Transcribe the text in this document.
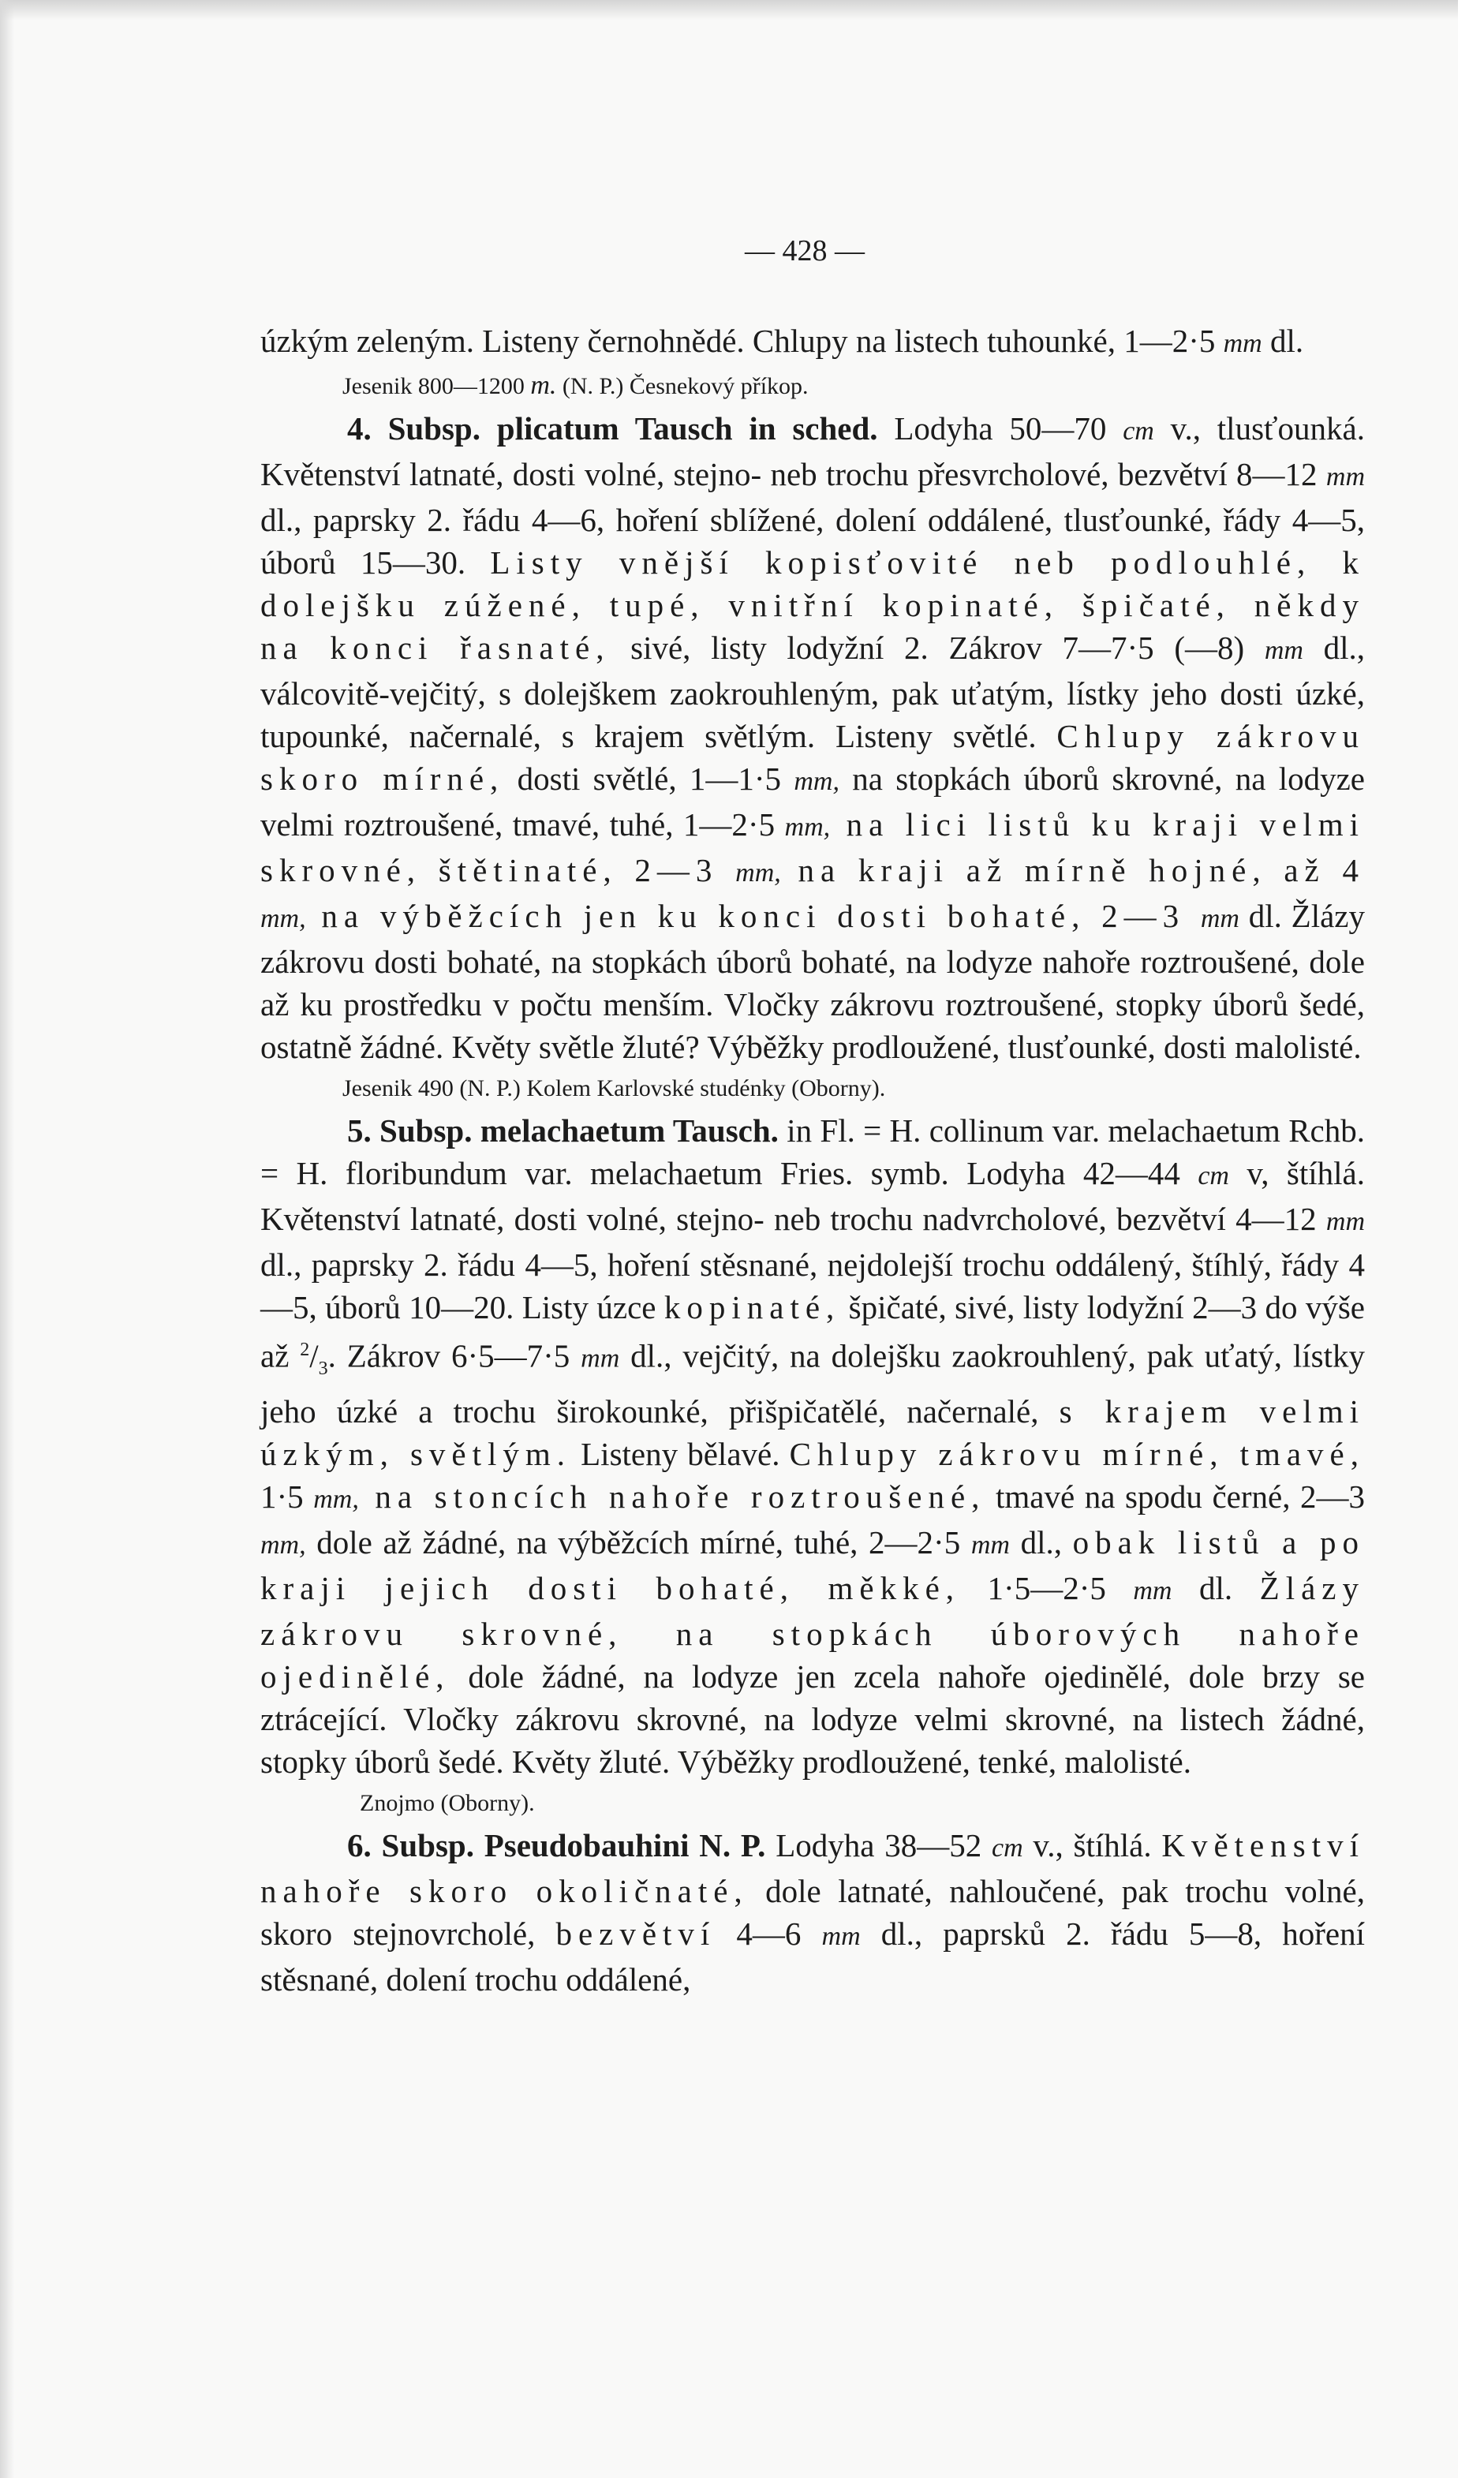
— 428 —

úzkým zeleným. Listeny černohnědé. Chlupy na listech tuhounké, 1—2·5 mm dl.

Jesenik 800—1200 m. (N. P.) Česnekový příkop.

4. Subsp. plicatum Tausch in sched. Lodyha 50—70 cm v., tlusťounká. Květenství latnaté, dosti volné, stejno- neb trochu přesvrcholové, bezvětví 8—12 mm dl., paprsky 2. řádu 4—6, hoření sblížené, dolení oddálené, tlusťounké, řády 4—5, úborů 15—30. Listy vnější kopisťovité neb podlouhlé, k dolejšku zúžené, tupé, vnitřní kopinaté, špičaté, někdy na konci řasnaté, sivé, listy lodyžní 2. Zákrov 7—7·5 (—8) mm dl., válcovitě-vejčitý, s dolejškem zaokrouhleným, pak uťatým, lístky jeho dosti úzké, tupounké, načernalé, s krajem světlým. Listeny světlé. Chlupy zákrovu skoro mírné, dosti světlé, 1—1·5 mm, na stopkách úborů skrovné, na lodyze velmi roztroušené, tmavé, tuhé, 1—2·5 mm, na lici listů ku kraji velmi skrovné, štětinaté, 2—3 mm, na kraji až mírně hojné, až 4 mm, na výběžcích jen ku konci dosti bohaté, 2—3 mm dl. Žlázy zákrovu dosti bohaté, na stopkách úborů bohaté, na lodyze nahoře roztroušené, dole až ku prostředku v počtu menším. Vločky zákrovu roztroušené, stopky úborů šedé, ostatně žádné. Květy světle žluté? Výběžky prodloužené, tlusťounké, dosti malolisté.

Jesenik 490 (N. P.) Kolem Karlovské studénky (Oborny).

5. Subsp. melachaetum Tausch. in Fl. = H. collinum var. melachaetum Rchb. = H. floribundum var. melachaetum Fries. symb. Lodyha 42—44 cm v, štíhlá. Květenství latnaté, dosti volné, stejno- neb trochu nadvrcholové, bezvětví 4—12 mm dl., paprsky 2. řádu 4—5, hoření stěsnané, nejdolejší trochu oddálený, štíhlý, řády 4—5, úborů 10—20. Listy úzce kopinaté, špičaté, sivé, listy lodyžní 2—3 do výše až $^2/_3$. Zákrov 6·5—7·5 mm dl., vejčitý, na dolejšku zaokrouhlený, pak uťatý, lístky jeho úzké a trochu širokounké, přišpičatělé, načernalé, s krajem velmi úzkým, světlým. Listeny bělavé. Chlupy zákrovu mírné, tmavé, 1·5 mm, na stoncích nahoře roztroušené, tmavé na spodu černé, 2—3 mm, dole až žádné, na výběžcích mírné, tuhé, 2—2·5 mm dl., obak listů a po kraji jejich dosti bohaté, měkké, 1·5—2·5 mm dl. Žlázy zákrovu skrovné, na stopkách úborových nahoře ojedinělé, dole žádné, na lodyze jen zcela nahoře ojedinělé, dole brzy se ztrácející. Vločky zákrovu skrovné, na lodyze velmi skrovné, na listech žádné, stopky úborů šedé. Květy žluté. Výběžky prodloužené, tenké, malolisté.

Znojmo (Oborny).

6. Subsp. Pseudobauhini N. P. Lodyha 38—52 cm v., štíhlá. Květenství nahoře skoro okoličnaté, dole latnaté, nahloučené, pak trochu volné, skoro stejnovrcholé, bezvětví 4—6 mm dl., paprsků 2. řádu 5—8, hoření stěsnané, dolení trochu oddálené,
